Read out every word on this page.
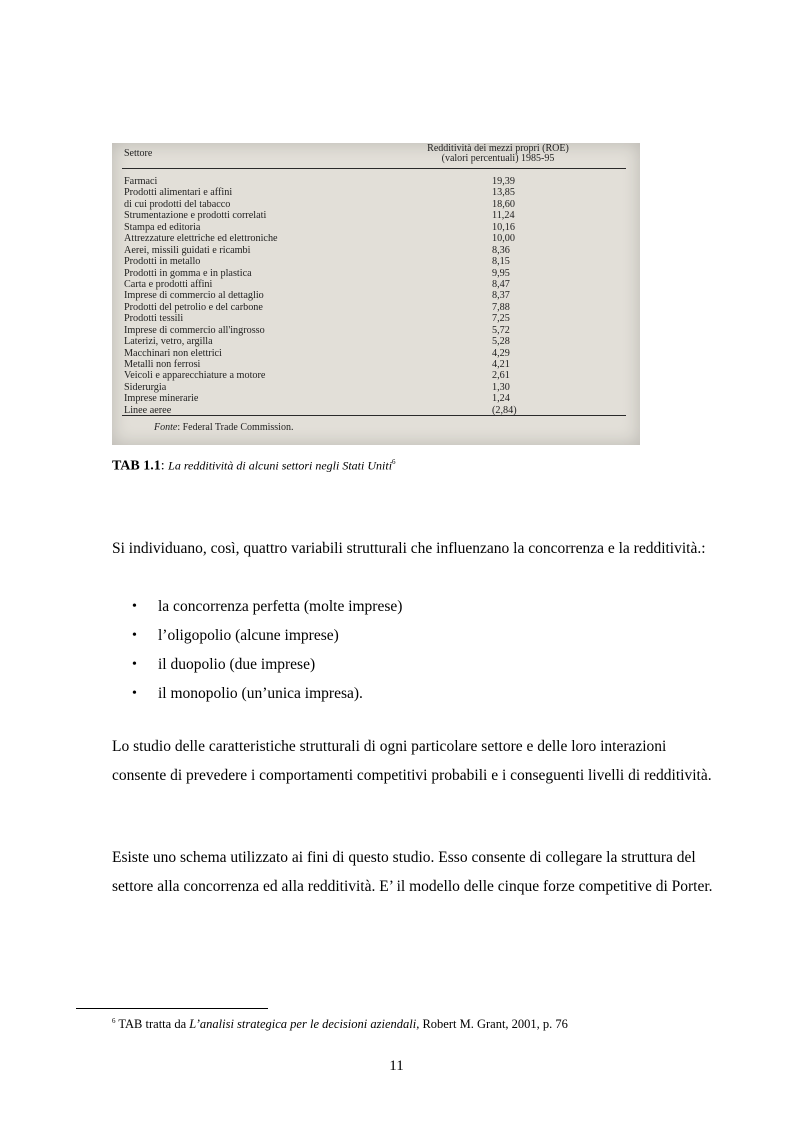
Settore	Redditività dei mezzi propri (ROE)
(valori percentuali) 1985-95
Farmaci	19,39
Prodotti alimentari e affini	13,85
di cui prodotti del tabacco	18,60
Strumentazione e prodotti correlati	11,24
Stampa ed editoria	10,16
Attrezzature elettriche ed elettroniche	10,00
Aerei, missili guidati e ricambi	8,36
Prodotti in metallo	8,15
Prodotti in gomma e in plastica	9,95
Carta e prodotti affini	8,47
Imprese di commercio al dettaglio	8,37
Prodotti del petrolio e del carbone	7,88
Prodotti tessili	7,25
Imprese di commercio all'ingrosso	5,72
Laterizi, vetro, argilla	5,28
Macchinari non elettrici	4,29
Metalli non ferrosi	4,21
Veicoli e apparecchiature a motore	2,61
Siderurgia	1,30
Imprese minerarie	1,24
Linee aeree	(2,84)
Fonte: Federal Trade Commission.
TAB 1.1: La redditività di alcuni settori negli Stati Uniti$^6$
Si individuano, così, quattro variabili strutturali che influenzano la concorrenza e la redditività.:
• la concorrenza perfetta (molte imprese)
• l’oligopolio (alcune imprese)
• il duopolio (due imprese)
• il monopolio (un’unica impresa).
Lo studio delle caratteristiche strutturali di ogni particolare settore e delle loro interazioni consente di prevedere i comportamenti competitivi probabili e i conseguenti livelli di redditività.
Esiste uno schema utilizzato ai fini di questo studio. Esso consente di collegare la struttura del settore alla concorrenza ed alla redditività. E’ il modello delle cinque forze competitive di Porter.
$^6$ TAB tratta da L’analisi strategica per le decisioni aziendali, Robert M. Grant, 2001, p. 76
11
